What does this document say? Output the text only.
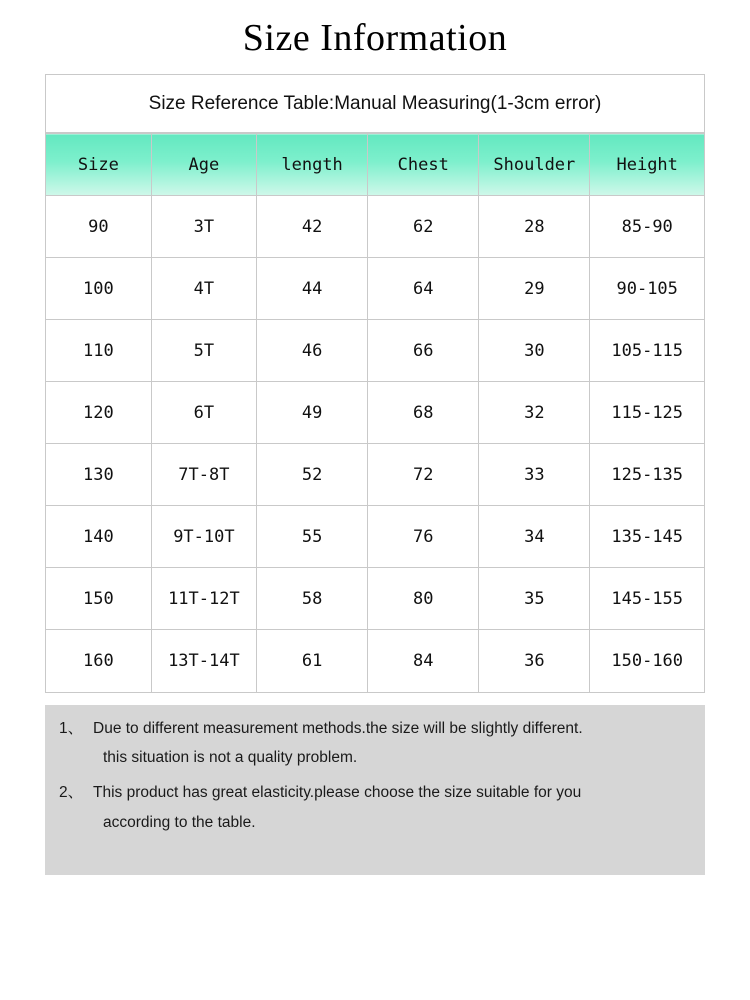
Size Information
Size Reference Table:Manual Measuring(1-3cm error)
Size	Age	length	Chest	Shoulder	Height
90	3T	42	62	28	85-90
100	4T	44	64	29	90-105
110	5T	46	66	30	105-115
120	6T	49	68	32	115-125
130	7T-8T	52	72	33	125-135
140	9T-10T	55	76	34	135-145
150	11T-12T	58	80	35	145-155
160	13T-14T	61	84	36	150-160
1、 Due to different measurement methods.the size will be slightly different.
this situation is not a quality problem.
2、 This product has great elasticity.please choose the size suitable for you
according to the table.
